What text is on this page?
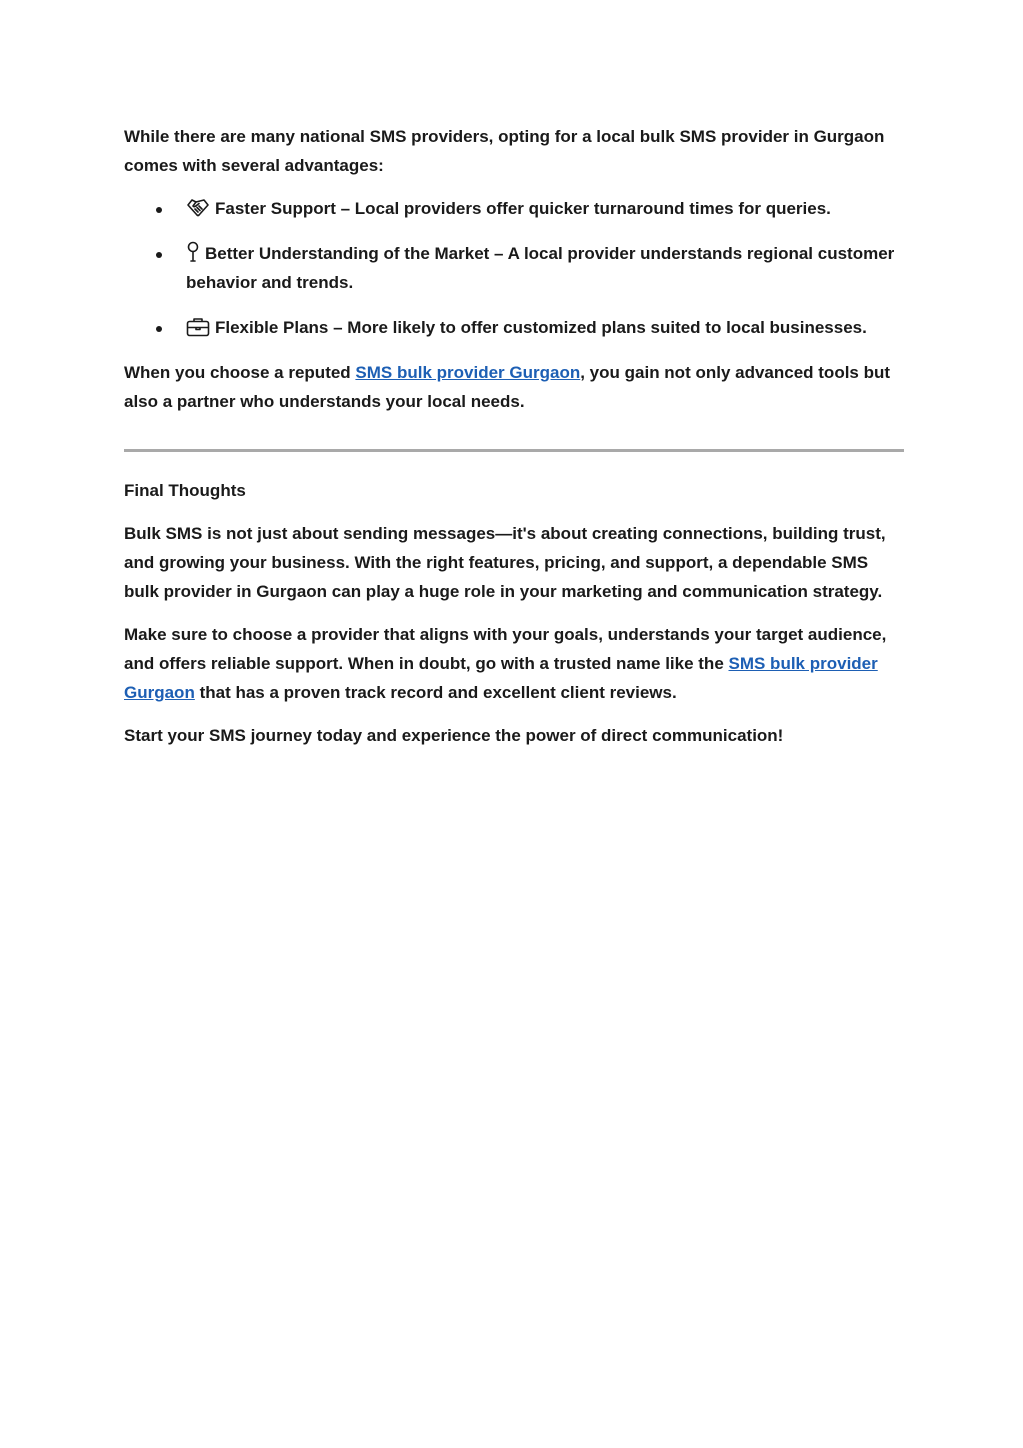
While there are many national SMS providers, opting for a local bulk SMS provider in Gurgaon comes with several advantages:

Faster Support – Local providers offer quicker turnaround times for queries.
Better Understanding of the Market – A local provider understands regional customer behavior and trends.
Flexible Plans – More likely to offer customized plans suited to local businesses.

When you choose a reputed SMS bulk provider Gurgaon, you gain not only advanced tools but also a partner who understands your local needs.

Final Thoughts

Bulk SMS is not just about sending messages—it's about creating connections, building trust, and growing your business. With the right features, pricing, and support, a dependable SMS bulk provider in Gurgaon can play a huge role in your marketing and communication strategy.

Make sure to choose a provider that aligns with your goals, understands your target audience, and offers reliable support. When in doubt, go with a trusted name like the SMS bulk provider Gurgaon that has a proven track record and excellent client reviews.

Start your SMS journey today and experience the power of direct communication!
